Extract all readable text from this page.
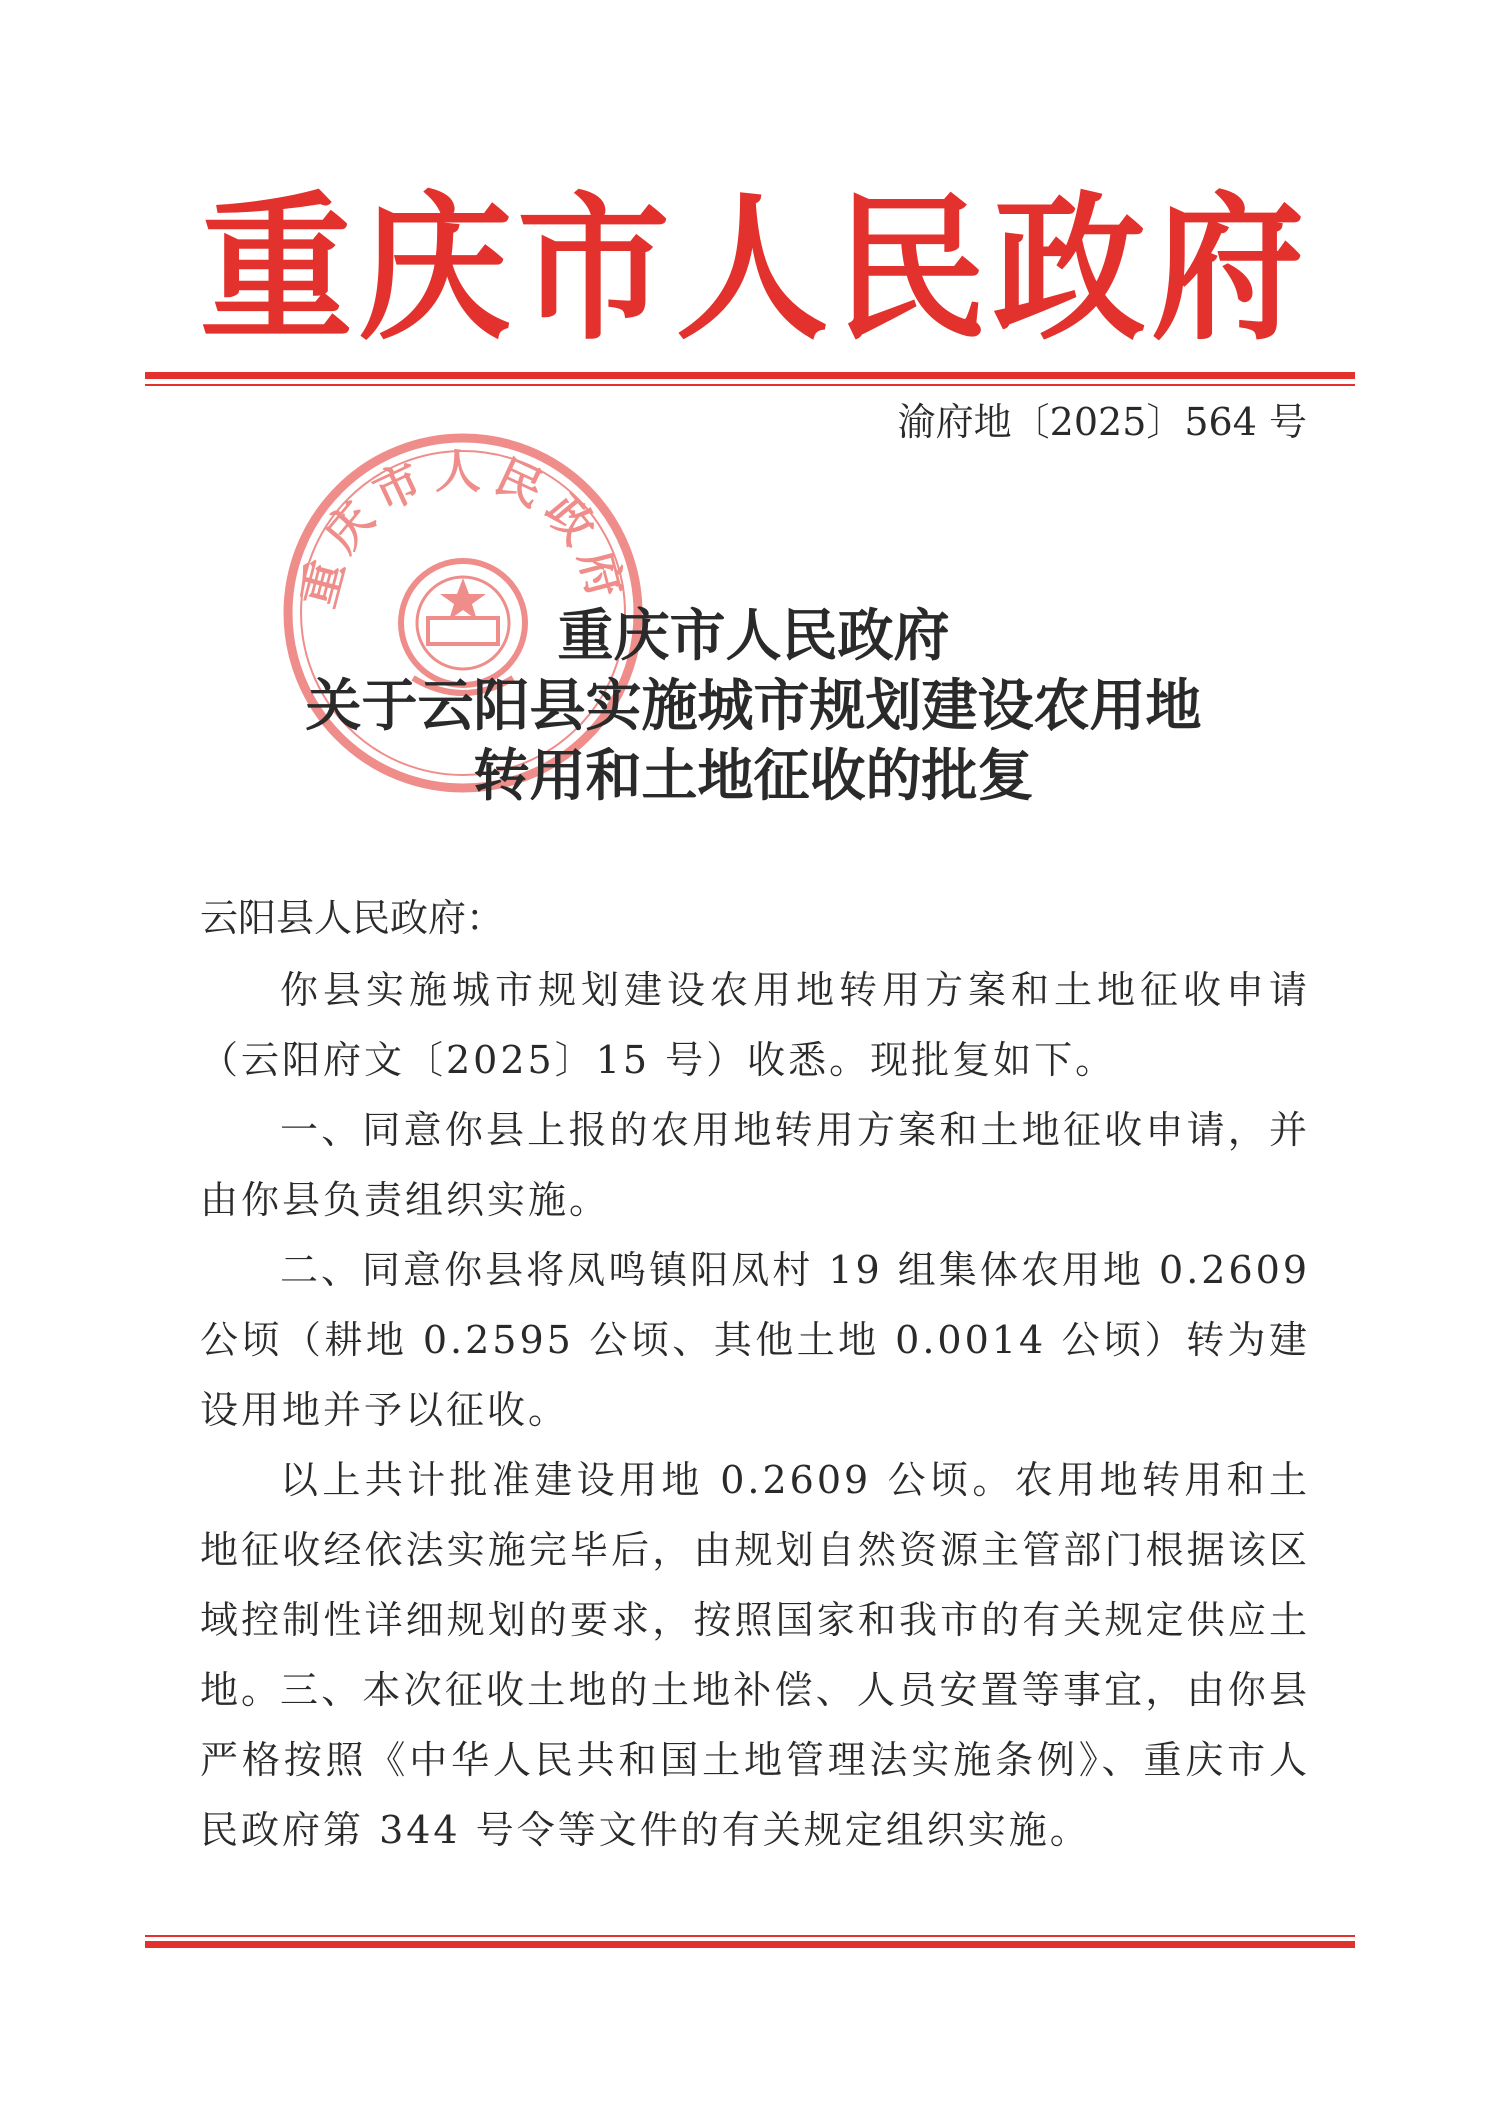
重庆市人民政府
渝府地〔2025〕564 号
重庆市人民政府
重庆市人民政府
关于云阳县实施城市规划建设农用地
转用和土地征收的批复
云阳县人民政府：
你县实施城市规划建设农用地转用方案和土地征收申请（云阳府文〔2025〕15 号）收悉。现批复如下。
一、同意你县上报的农用地转用方案和土地征收申请，并由你县负责组织实施。
二、同意你县将凤鸣镇阳凤村 19 组集体农用地 0.2609 公顷（耕地 0.2595 公顷、其他土地 0.0014 公顷）转为建设用地并予以征收。
以上共计批准建设用地 0.2609 公顷。农用地转用和土地征收经依法实施完毕后，由规划自然资源主管部门根据该区域控制性详细规划的要求，按照国家和我市的有关规定供应土地。
三、本次征收土地的土地补偿、人员安置等事宜，由你县严格按照《中华人民共和国土地管理法实施条例》、重庆市人民政府第 344 号令等文件的有关规定组织实施。
